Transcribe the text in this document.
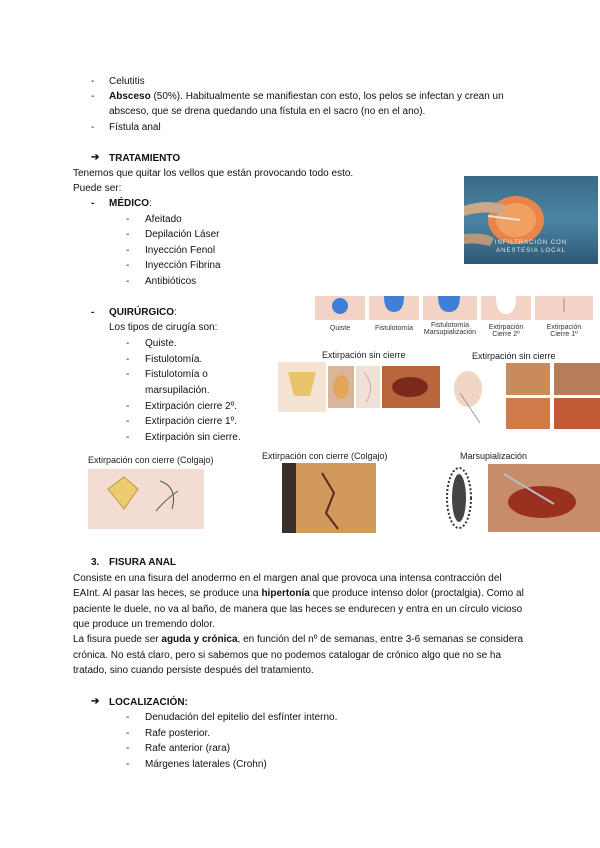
- Celutitis
- Absceso (50%). Habitualmente se manifiestan con esto, los pelos se infectan y crean un
absceso, que se drena quedando una fístula en el sacro (no en el ano).
- Fístula anal
➔ TRATAMIENTO
Tenemos que quitar los vellos que están provocando todo esto.
Puede ser:
- MÉDICO:
- Afeitado
- Depilación Láser
- Inyección Fenol
- Inyección Fibrina
- Antibióticos
- QUIRÚRGICO:
Los tipos de cirugía son:
- Quiste.
- Fistulotomía.
- Fistulotomía o
marsupilación.
- Extirpación cierre 2º.
- Extirpación cierre 1º.
- Extirpación sin cierre.
INFILTRACIÓN CON
ANESTESIA LOCAL
Quiste	Fistulotomía	Fistulotomía
Marsupialización
Extirpación
Cierre 2º
Extirpación
Cierre 1º
Extirpación sin cierre	Extirpación sin cierre
Extirpación con cierre (Colgajo)	Extirpación con cierre (Colgajo)	Marsupialización
3. FISURA ANAL
Consiste en una fisura del anodermo en el margen anal que provoca una intensa contracción del
EAInt. Al pasar las heces, se produce una hipertonía que produce intenso dolor (proctalgia). Como al
paciente le duele, no va al baño, de manera que las heces se endurecen y entra en un círculo vicioso
que produce un tremendo dolor.
La fisura puede ser aguda y crónica, en función del nº de semanas, entre 3-6 semanas se considera
crónica. No está claro, pero si sabemos que no podemos catalogar de crónico algo que no se ha
tratado, sino cuando persiste después del tratamiento.
➔ LOCALIZACIÓN:
- Denudación del epitelio del esfínter interno.
- Rafe posterior.
- Rafe anterior (rara)
- Márgenes laterales (Crohn)
